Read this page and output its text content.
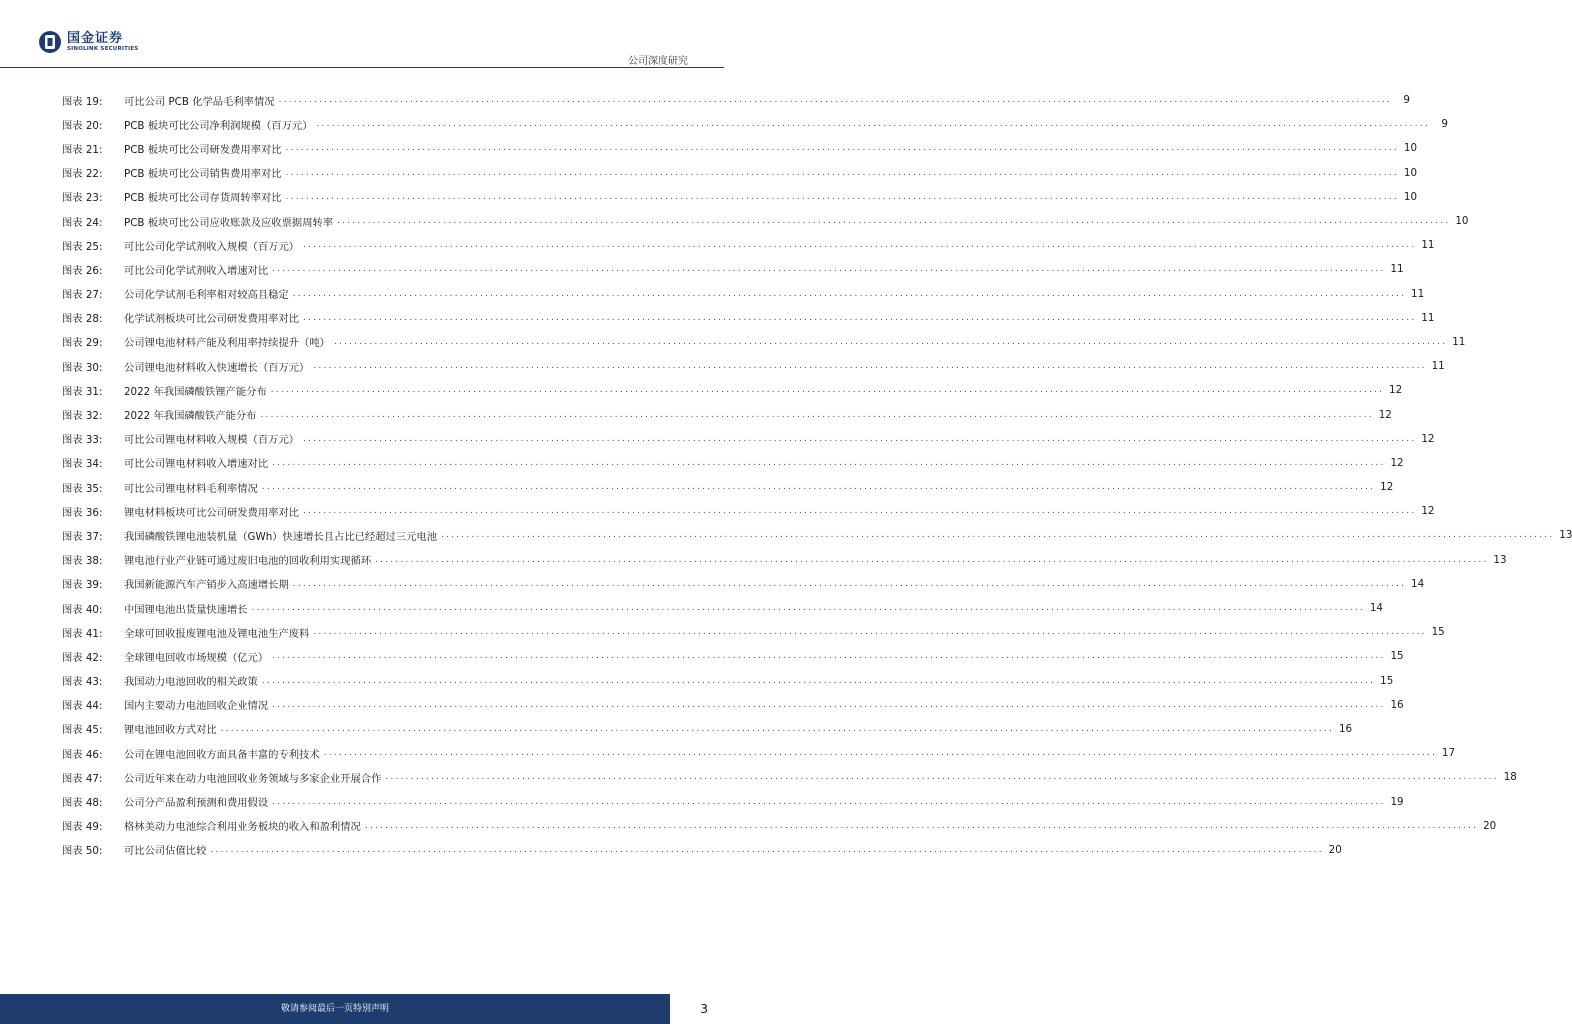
国金证券
SINOLINK SECURITIES
公司深度研究
图表 19:	可比公司 PCB 化学品毛利率情况 ............................................................................................................................................................................................................................	9
图表 20:	PCB 板块可比公司净利润规模（百万元） ............................................................................................................................................................................................................................	9
图表 21:	PCB 板块可比公司研发费用率对比 ............................................................................................................................................................................................................................ 10
图表 22:	PCB 板块可比公司销售费用率对比 ............................................................................................................................................................................................................................ 10
图表 23:	PCB 板块可比公司存货周转率对比 ............................................................................................................................................................................................................................ 10
图表 24:	PCB 板块可比公司应收账款及应收票据周转率 ............................................................................................................................................................................................................................ 10
图表 25:	可比公司化学试剂收入规模（百万元） ............................................................................................................................................................................................................................ 11
图表 26:	可比公司化学试剂收入增速对比 ............................................................................................................................................................................................................................ 11
图表 27:	公司化学试剂毛利率相对较高且稳定 ............................................................................................................................................................................................................................ 11
图表 28:	化学试剂板块可比公司研发费用率对比 ............................................................................................................................................................................................................................ 11
图表 29:	公司锂电池材料产能及利用率持续提升（吨） ............................................................................................................................................................................................................................ 11
图表 30:	公司锂电池材料收入快速增长（百万元） ............................................................................................................................................................................................................................ 11
图表 31:	2022 年我国磷酸铁锂产能分布 ............................................................................................................................................................................................................................ 12
图表 32:	2022 年我国磷酸铁产能分布 ............................................................................................................................................................................................................................ 12
图表 33:	可比公司锂电材料收入规模（百万元） ............................................................................................................................................................................................................................ 12
图表 34:	可比公司锂电材料收入增速对比 ............................................................................................................................................................................................................................ 12
图表 35:	可比公司锂电材料毛利率情况 ............................................................................................................................................................................................................................ 12
图表 36:	锂电材料板块可比公司研发费用率对比 ............................................................................................................................................................................................................................ 12
图表 37:	我国磷酸铁锂电池装机量（GWh）快速增长且占比已经超过三元电池 ............................................................................................................................................................................................................................ 13
图表 38:	锂电池行业产业链可通过废旧电池的回收利用实现循环 ............................................................................................................................................................................................................................ 13
图表 39:	我国新能源汽车产销步入高速增长期 ............................................................................................................................................................................................................................ 14
图表 40:	中国锂电池出货量快速增长 ............................................................................................................................................................................................................................ 14
图表 41:	全球可回收报废锂电池及锂电池生产废料 ............................................................................................................................................................................................................................ 15
图表 42:	全球锂电回收市场规模（亿元） ............................................................................................................................................................................................................................ 15
图表 43:	我国动力电池回收的相关政策 ............................................................................................................................................................................................................................ 15
图表 44:	国内主要动力电池回收企业情况 ............................................................................................................................................................................................................................ 16
图表 45:	锂电池回收方式对比 ............................................................................................................................................................................................................................ 16
图表 46:	公司在锂电池回收方面具备丰富的专利技术 ............................................................................................................................................................................................................................ 17
图表 47:	公司近年来在动力电池回收业务领域与多家企业开展合作 ............................................................................................................................................................................................................................ 18
图表 48:	公司分产品盈利预测和费用假设 ............................................................................................................................................................................................................................ 19
图表 49:	格林美动力电池综合利用业务板块的收入和盈利情况 ............................................................................................................................................................................................................................ 20
图表 50:	可比公司估值比较 ............................................................................................................................................................................................................................ 20
敬请参阅最后一页特别声明	3
